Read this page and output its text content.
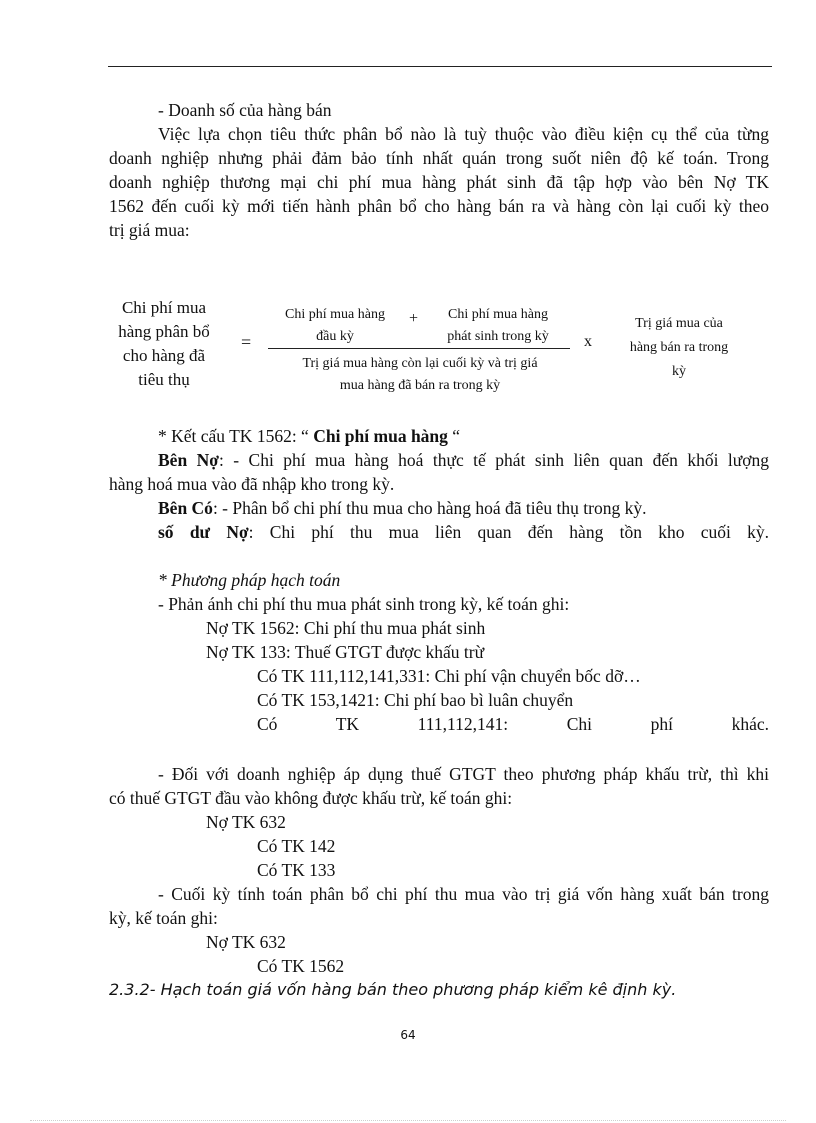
- Doanh số của hàng bán
Việc lựa chọn tiêu thức phân bổ nào là tuỳ thuộc vào điều kiện cụ thể của từng
doanh nghiệp nhưng phải đảm bảo tính nhất quán trong suốt niên độ kế toán. Trong
doanh nghiệp thương mại chi phí mua hàng phát sinh đã tập hợp vào bên Nợ TK
1562 đến cuối kỳ mới tiến hành phân bổ cho hàng bán ra và hàng còn lại cuối kỳ theo
trị giá mua:
Chi phí mua
hàng phân bổ
cho hàng đã
tiêu thụ
=
Chi phí mua hàng
đầu kỳ
+	Chi phí mua hàng
phát sinh trong kỳ
Trị giá mua hàng còn lại cuối kỳ và trị giá
mua hàng đã bán ra trong kỳ
x
Trị giá mua của
hàng bán ra trong
kỳ
* Kết cấu TK 1562: “ Chi phí mua hàng “
Bên Nợ: - Chi phí mua hàng hoá thực tế phát sinh liên quan đến khối lượng
hàng hoá mua vào đã nhập kho trong kỳ.
Bên Có: - Phân bổ chi phí thu mua cho hàng hoá đã tiêu thụ trong kỳ.
số dư Nợ: Chi phí thu mua liên quan đến hàng tồn kho cuối kỳ.
* Phương pháp hạch toán
- Phản ánh chi phí thu mua phát sinh trong kỳ, kế toán ghi:
Nợ TK 1562: Chi phí thu mua phát sinh
Nợ TK 133: Thuế GTGT được khấu trừ
Có TK 111,112,141,331: Chi phí vận chuyển bốc dỡ…
Có TK 153,1421: Chi phí bao bì luân chuyển
Có TK 111,112,141: Chi phí khác.
- Đối với doanh nghiệp áp dụng thuế GTGT theo phương pháp khấu trừ, thì khi
có thuế GTGT đầu vào không được khấu trừ, kế toán ghi:
Nợ TK 632
Có TK 142
Có TK 133
- Cuối kỳ tính toán phân bổ chi phí thu mua vào trị giá vốn hàng xuất bán trong
kỳ, kế toán ghi:
Nợ TK 632
Có TK 1562
2.3.2- Hạch toán giá vốn hàng bán theo phương pháp kiểm kê định kỳ.
64
